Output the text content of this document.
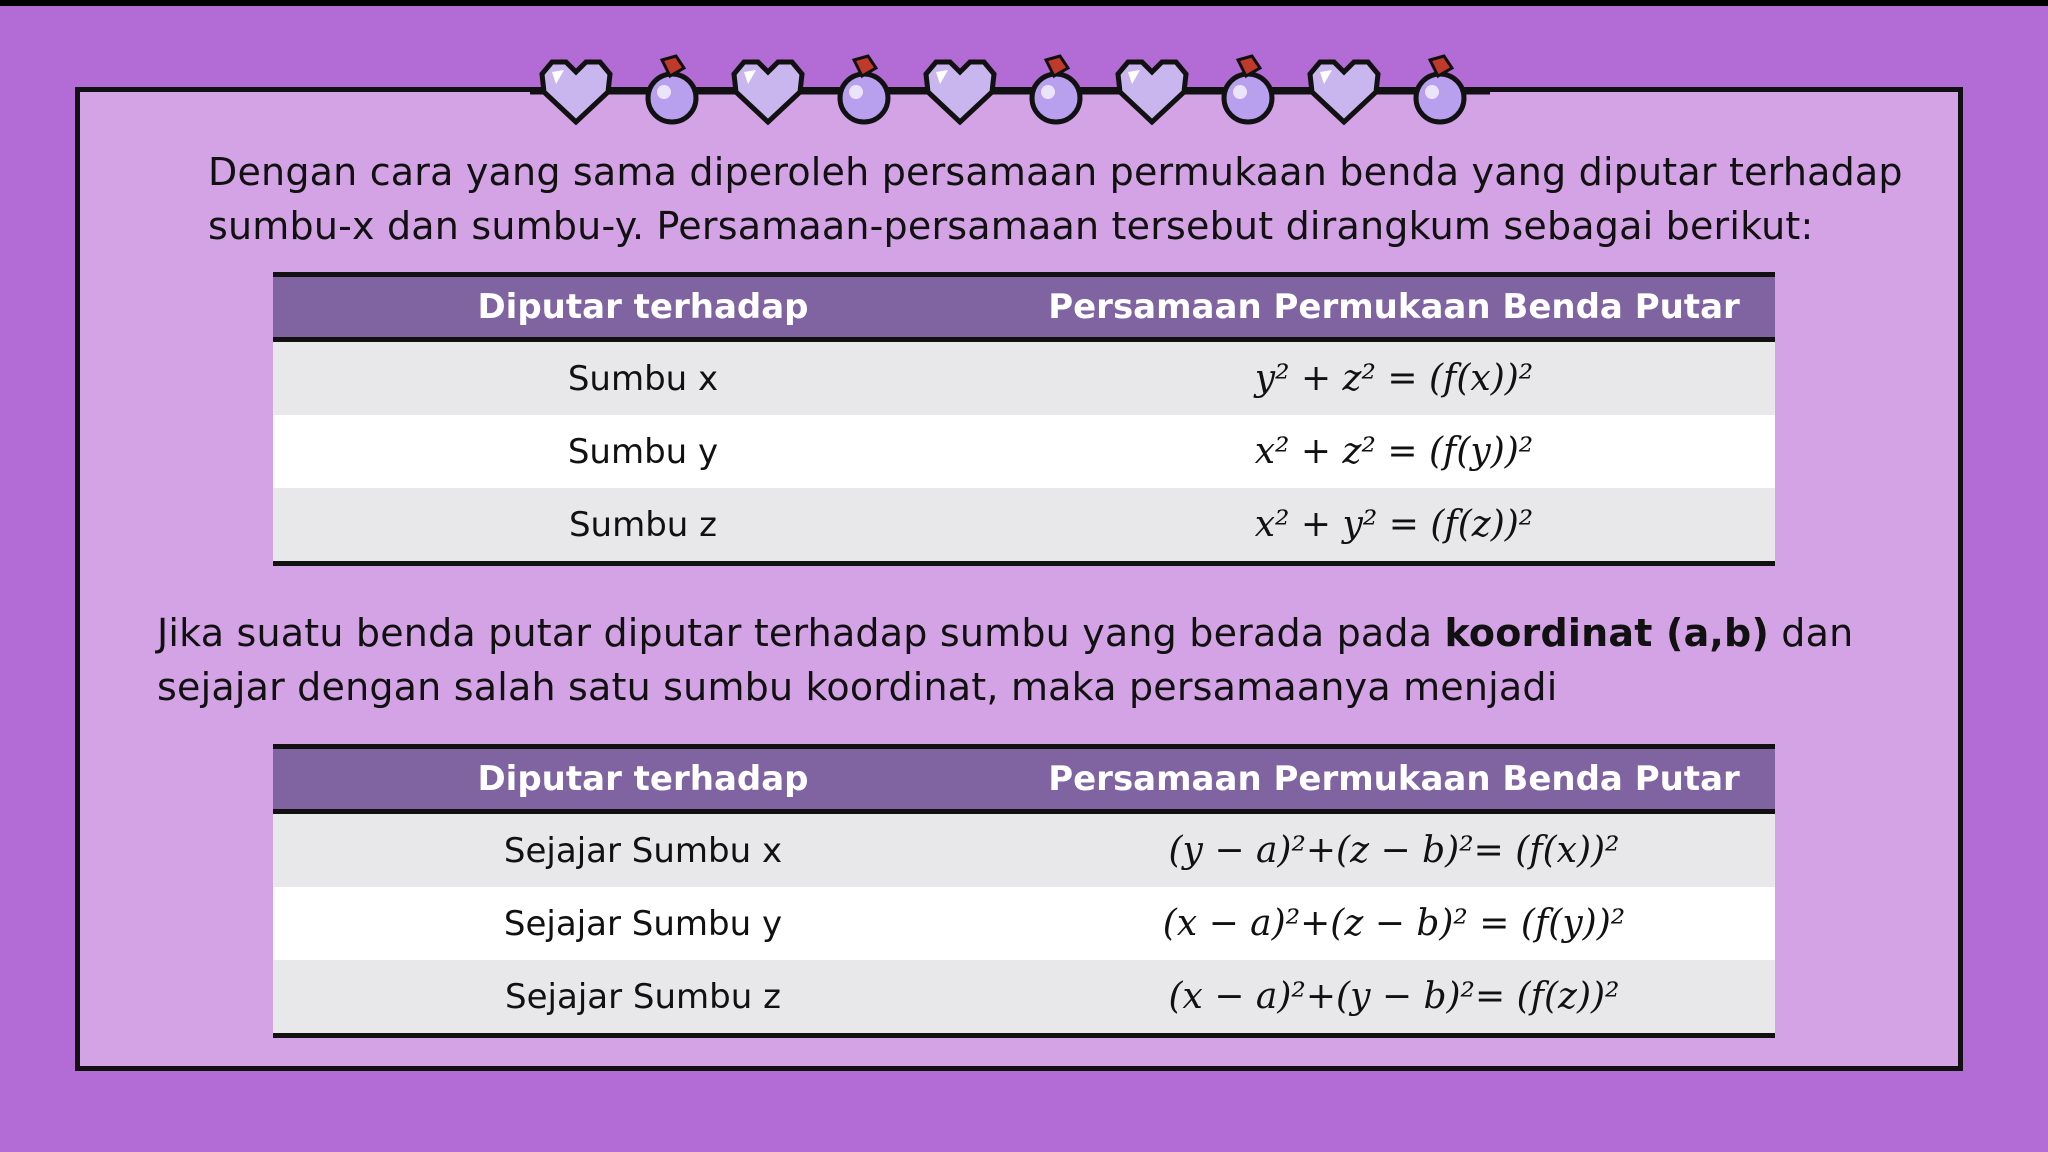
Dengan cara yang sama diperoleh persamaan permukaan benda yang diputar terhadap sumbu-x dan sumbu-y. Persamaan-persamaan tersebut dirangkum sebagai berikut:
Diputar terhadap	Persamaan Permukaan Benda Putar
Sumbu x	y² + z² = (f(x))²
Sumbu y	x² + z² = (f(y))²
Sumbu z	x² + y² = (f(z))²
Jika suatu benda putar diputar terhadap sumbu yang berada pada koordinat (a,b) dan sejajar dengan salah satu sumbu koordinat, maka persamaanya menjadi
Diputar terhadap	Persamaan Permukaan Benda Putar
Sejajar Sumbu x	(y − a)²+(z − b)²= (f(x))²
Sejajar Sumbu y	(x − a)²+(z − b)² = (f(y))²
Sejajar Sumbu z	(x − a)²+(y − b)²= (f(z))²
